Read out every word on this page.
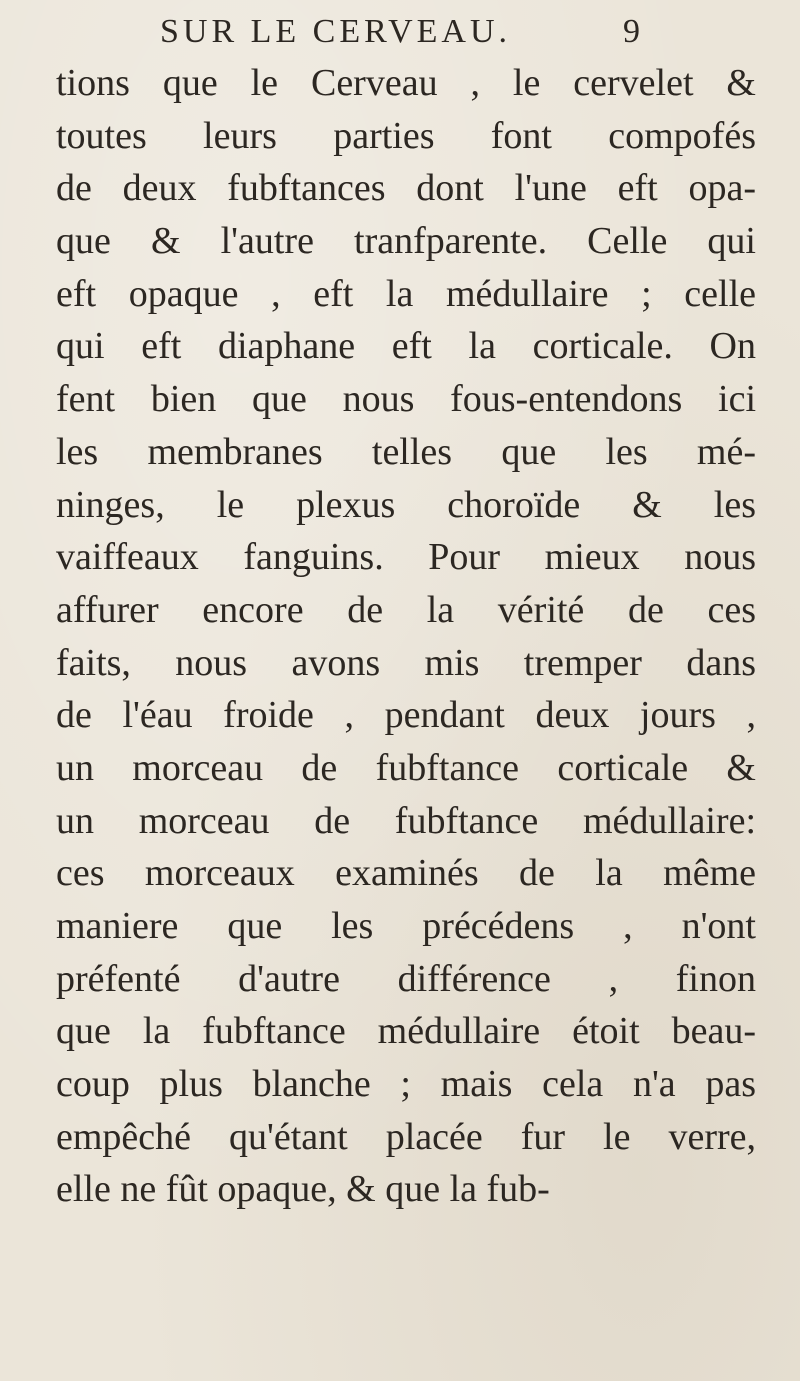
SUR LE CERVEAU.	9
tions que le Cerveau , le cervelet &
toutes leurs parties font compofés
de deux fubftances dont l'une eft opa-
que & l'autre tranfparente. Celle qui
eft opaque , eft la médullaire ; celle
qui eft diaphane eft la corticale. On
fent bien que nous fous-entendons ici
les membranes telles que les mé-
ninges, le plexus choroïde & les
vaiffeaux fanguins. Pour mieux nous
affurer encore de la vérité de ces
faits, nous avons mis tremper dans
de l'éau froide , pendant deux jours ,
un morceau de fubftance corticale &
un morceau de fubftance médullaire:
ces morceaux examinés de la même
maniere que les précédens , n'ont
préfenté d'autre différence , finon
que la fubftance médullaire étoit beau-
coup plus blanche ; mais cela n'a pas
empêché qu'étant placée fur le verre,
elle ne fût opaque, & que la fub-
